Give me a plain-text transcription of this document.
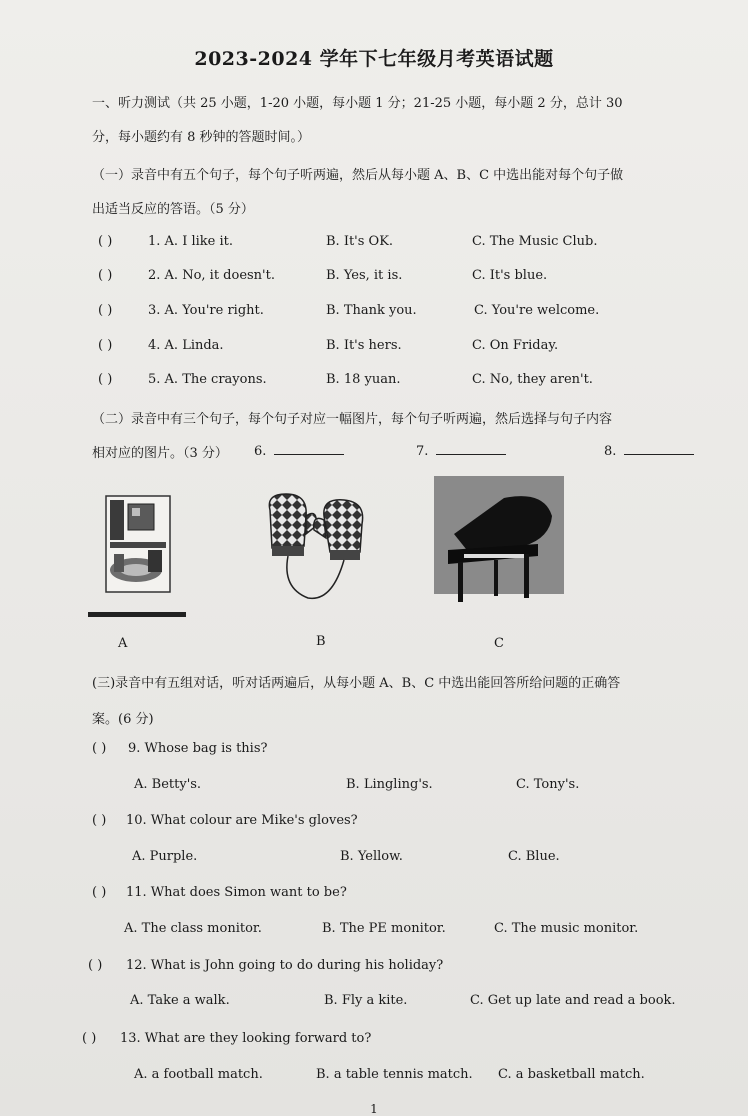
2023-2024 学年下七年级月考英语试题
一、听力测试（共 25 小题，1-20 小题，每小题 1 分；21-25 小题，每小题 2 分，总计 30
分，每小题约有 8 秒钟的答题时间。）
（一）录音中有五个句子，每个句子听两遍，然后从每小题 A、B、C 中选出能对每个句子做
出适当反应的答语。（5 分）
( )	1. A. I like it.	B. It's OK.	C. The Music Club.
( )	2. A. No, it doesn't.	B. Yes, it is.	C. It's blue.
( )	3. A. You're right.	B. Thank you.	C. You're welcome.
( )	4. A. Linda.	B. It's hers.	C. On Friday.
( )	5. A. The crayons.	B. 18 yuan.	C. No, they aren't.
（二）录音中有三个句子，每个句子对应一幅图片，每个句子听两遍，然后选择与句子内容
相对应的图片。（3 分） 6.	7.	8.
A	B	C
(三)录音中有五组对话，听对话两遍后，从每小题 A、B、C 中选出能回答所给问题的正确答
案。(6 分)
( ) 9. Whose bag is this?
A. Betty's.	B. Lingling's.	C. Tony's.
( ) 10. What colour are Mike's gloves?
A. Purple.	B. Yellow.	C. Blue.
( ) 11. What does Simon want to be?
A. The class monitor.	B. The PE monitor.	C. The music monitor.
( ) 12. What is John going to do during his holiday?
A. Take a walk.	B. Fly a kite.	C. Get up late and read a book.
( ) 13. What are they looking forward to?
A. a football match.	B. a table tennis match. C. a basketball match.
1
